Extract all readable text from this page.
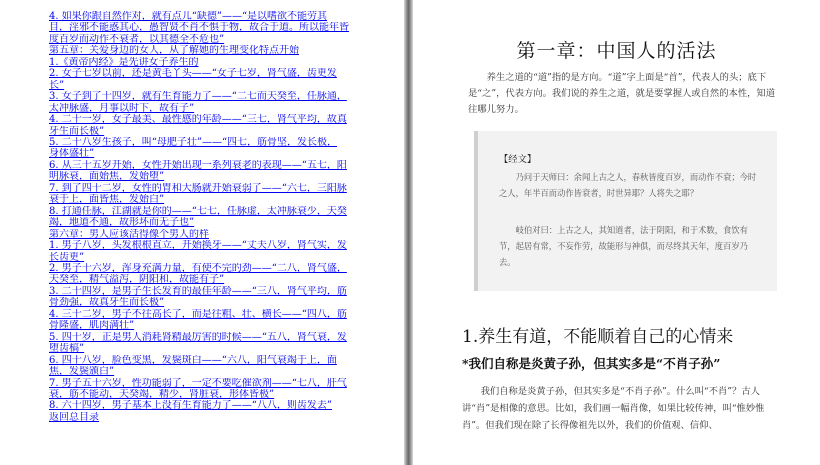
4. 如果你跟自然作对，就有点儿“缺德”——“是以嗜欲不能劳其
目，淫邪不能惑其心，愚智贤不肖不惧于物，故合于道。所以能年皆
度百岁而动作不衰者，以其德全不危也”
第五章：关爱身边的女人，从了解她的生理变化特点开始
1.《黄帝内经》是先讲女子养生的
2. 女子七岁以前，还是黄毛丫头——“女子七岁，肾气盛，齿更发
长”
3. 女子到了十四岁，就有生育能力了——“二七而天癸至，任脉通，
太冲脉盛，月事以时下，故有子”
4. 二十一岁，女子最美、最性感的年龄——“三七，肾气平均，故真
牙生而长极”
5. 二十八岁生孩子，叫“母肥子壮”——“四七，筋骨坚，发长极，
身体盛壮”
6. 从三十五岁开始，女性开始出现一系列衰老的表现——“五七，阳
明脉衰，面始焦，发始堕”
7. 到了四十二岁，女性的胃和大肠就开始衰弱了——“六七，三阳脉
衰于上，面皆焦，发始白”
8. 打通任脉，江湖就是你的——“七七，任脉虚，太冲脉衰少，天癸
竭，地道不通，故形坏而无子也”
第六章：男人应该活得像个男人的样
1. 男子八岁，头发根根直立，开始换牙——“丈夫八岁，肾气实，发
长齿更”
2. 男子十六岁，浑身充满力量，有使不完的劲——“二八，肾气盛，
天癸至，精气溢泻，阴阳和，故能有子”
3. 二十四岁，是男子生长发育的最佳年龄——“三八，肾气平均，筋
骨劲强，故真牙生而长极”
4. 三十二岁，男子不往高长了，而是往粗、壮、横长——“四八，筋
骨隆盛，肌肉满壮”
5. 四十岁，正是男人消耗肾精最厉害的时候——“五八，肾气衰，发
堕齿槁”
6. 四十八岁，脸色变黑，发鬓斑白——“六八，阳气衰竭于上，面
焦，发鬓颁白”
7. 男子五十六岁，性功能弱了，一定不要吃催欲剂——“七八，肝气
衰，筋不能动，天癸竭，精少，肾脏衰，形体皆极”
8. 六十四岁，男子基本上没有生育能力了——“八八，则齿发去”
返回总目录
第一章：中国人的活法

养生之道的“道”指的是方向。“道”字上面是“首”，代表人的头；底下是“之”，代表方向。我们说的养生之道，就是要掌握人或自然的本性，知道往哪儿努力。

【经文】

乃问于天师曰：余闻上古之人，春秋皆度百岁，而动作不衰；今时之人，年半百而动作皆衰者，时世异耶？人将失之耶？

岐伯对曰：上古之人，其知道者，法于阴阳，和于术数，食饮有节，起居有常，不妄作劳，故能形与神俱，而尽终其天年，度百岁乃去。

1.养生有道，不能顺着自己的心情来
*我们自称是炎黄子孙，但其实多是“不肖子孙”

我们自称是炎黄子孙，但其实多是“不肖子孙”。什么叫“不肖”？古人讲“肖”是相像的意思。比如，我们画一幅肖像，如果比较传神，叫“惟妙惟肖”。但我们现在除了长得像祖先以外，我们的价值观、信仰、
